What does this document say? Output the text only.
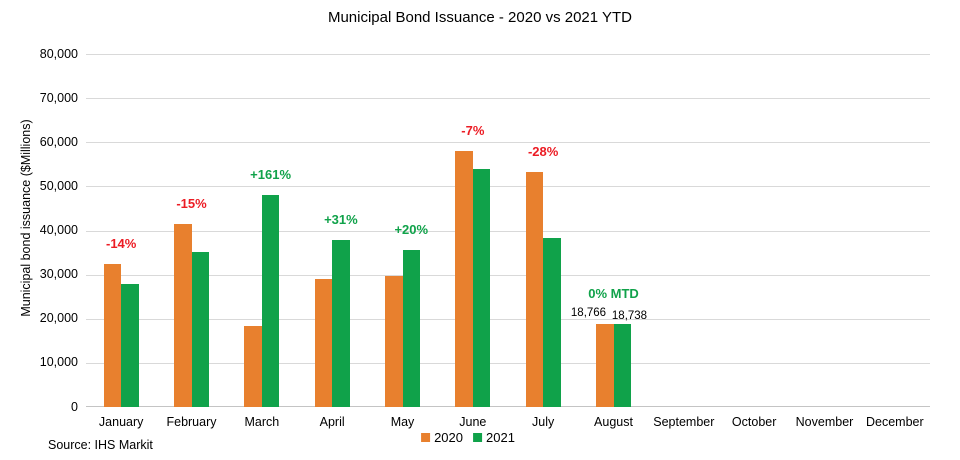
Municipal Bond Issuance - 2020 vs 2021 YTD
Municipal bond issuance ($Millions)
0
10,000
20,000
30,000
40,000
50,000
60,000
70,000
80,000
-14%
-15%
+161%
+31%
+20%
-7%
-28%
0% MTD
18,766 18,738
January	February	March	April	May	June	July	August	September	October	November	December
2020 2021
Source: IHS Markit
